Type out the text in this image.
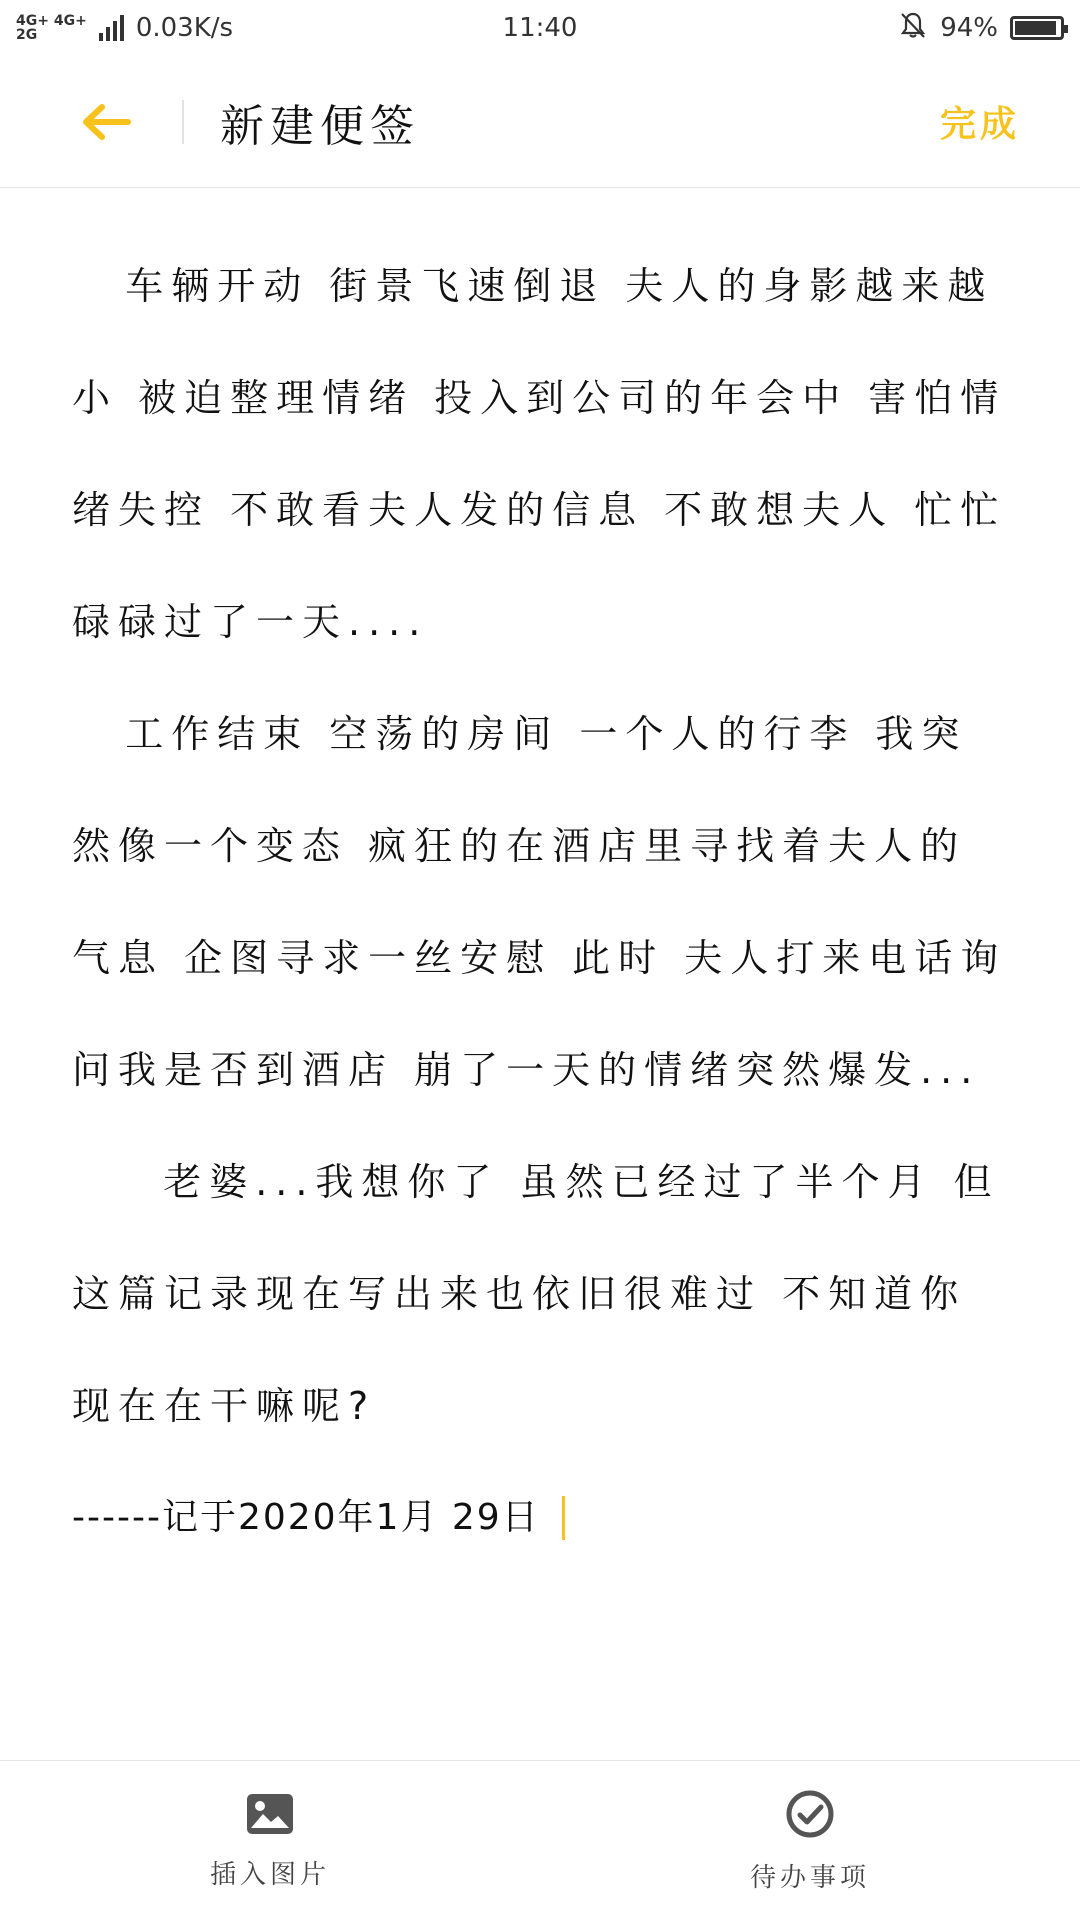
4G+ 4G+
2G	0.03K/s	11:40	94%
新建便签	完成

车辆开动 街景飞速倒退 夫人的身影越来越小 被迫整理情绪 投入到公司的年会中 害怕情绪失控 不敢看夫人发的信息 不敢想夫人 忙忙碌碌过了一天....

工作结束 空荡的房间 一个人的行李 我突然像一个变态 疯狂的在酒店里寻找着夫人的气息 企图寻求一丝安慰 此时 夫人打来电话询问我是否到酒店 崩了一天的情绪突然爆发...

老婆...我想你了 虽然已经过了半个月 但这篇记录现在写出来也依旧很难过 不知道你现在在干嘛呢?

------记于2020年1月 29日
插入图片	待办事项
